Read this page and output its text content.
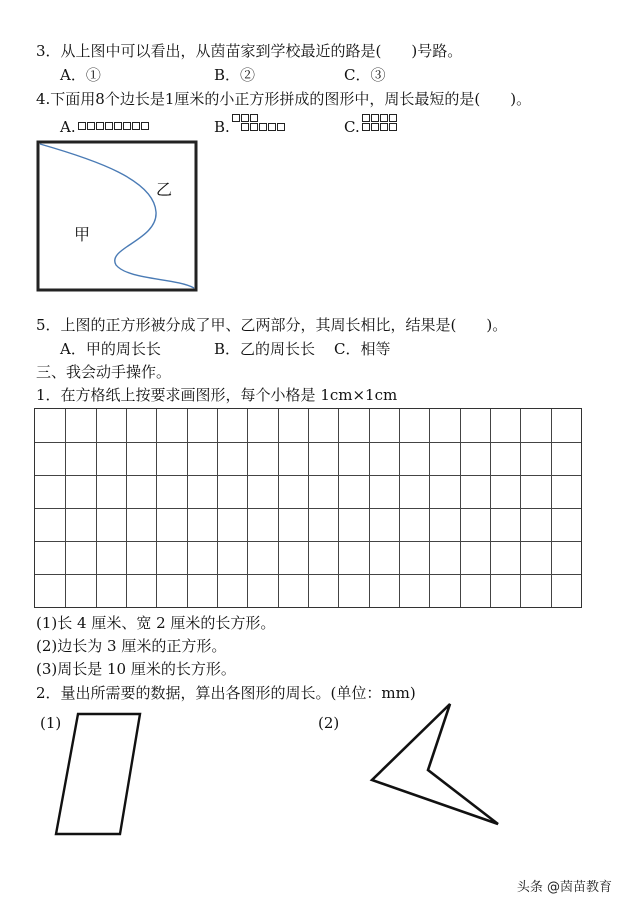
3．从上图中可以看出，从茵苗家到学校最近的路是(　　)号路。
A．①	B．②	C．③
4.下面用8个边长是1厘米的小正方形拼成的图形中，周长最短的是(　　)。
A.	B.	C.
甲
乙
5．上图的正方形被分成了甲、乙两部分，其周长相比，结果是(　　)。
A．甲的周长长	B．乙的周长长 C．相等
三、我会动手操作。
1．在方格纸上按要求画图形，每个小格是 1cm×1cm
(1)长 4 厘米、宽 2 厘米的长方形。
(2)边长为 3 厘米的正方形。
(3)周长是 10 厘米的长方形。
2．量出所需要的数据，算出各图形的周长。(单位：mm)
(1)	(2)
头条 @茵苗教育
